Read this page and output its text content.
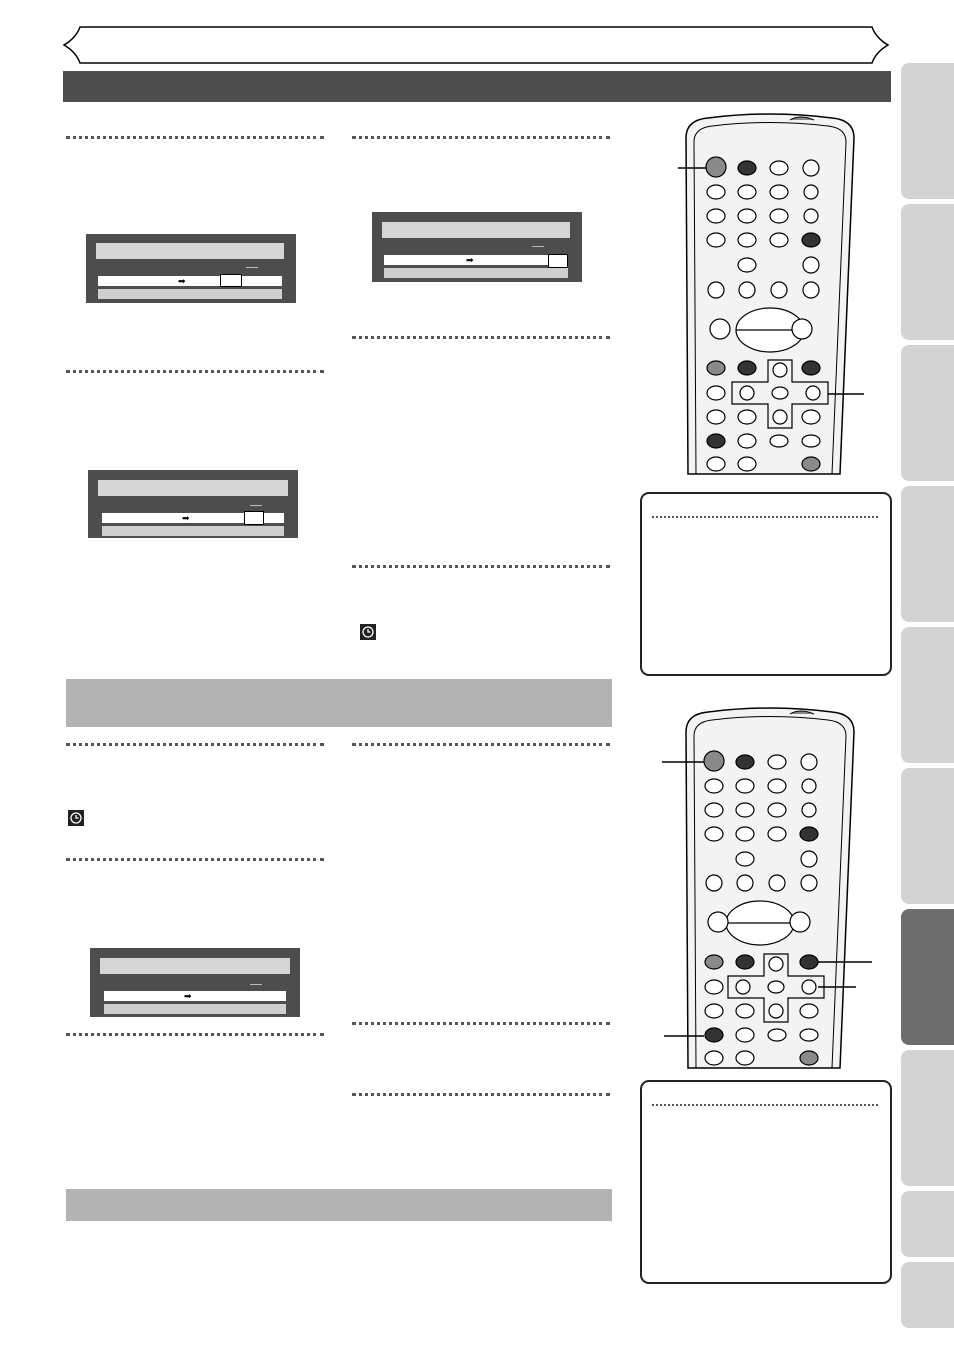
➡
➡
➡
➡
